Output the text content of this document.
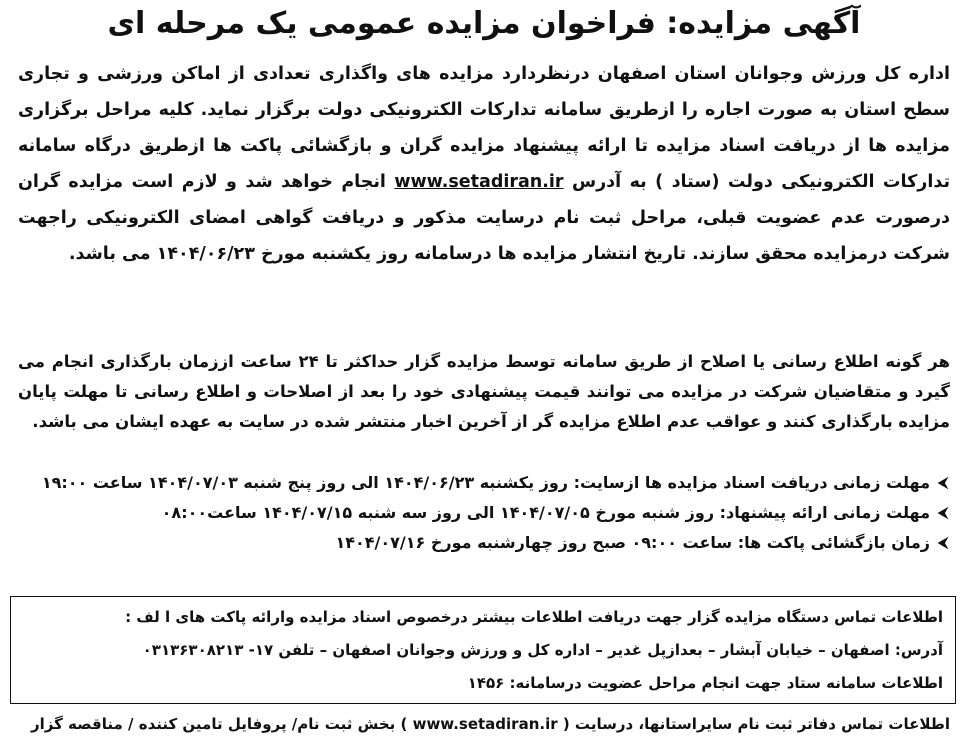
آگهی مزایده: فراخوان مزایده عمومی یک مرحله ای
اداره کل ورزش وجوانان استان اصفهان درنظردارد مزایده های واگذاری تعدادی از اماکن ورزشی و تجاری سطح استان به صورت اجاره را ازطریق سامانه تدارکات الکترونیکی دولت برگزار نماید. کلیه مراحل برگزاری مزایده ها از دریافت اسناد مزایده تا ارائه پیشنهاد مزایده گران و بازگشائی پاکت ها ازطریق درگاه سامانه تدارکات الکترونیکی دولت (ستاد ) به آدرس www.setadiran.ir انجام خواهد شد و لازم است مزایده گران درصورت عدم عضویت قبلی، مراحل ثبت نام درسایت مذکور و دریافت گواهی امضای الکترونیکی راجهت شرکت درمزایده محقق سازند. تاریخ انتشار مزایده ها درسامانه روز یکشنبه مورخ ۱۴۰۴/۰۶/۲۳ می باشد.
هر گونه اطلاع رسانی یا اصلاح از طریق سامانه توسط مزایده گزار حداکثر تا ۲۴ ساعت اززمان بارگذاری انجام می گیرد و متقاضیان شرکت در مزایده می توانند قیمت پیشنهادی خود را بعد از اصلاحات و اطلاع رسانی تا مهلت پایان مزایده بارگذاری کنند و عواقب عدم اطلاع مزایده گر از آخرین اخبار منتشر شده در سایت به عهده ایشان می باشد.
⮜
مهلت زمانی دریافت اسناد مزایده ها ازسایت: روز یکشنبه ۱۴۰۴/۰۶/۲۳ الی روز پنج شنبه ۱۴۰۴/۰۷/۰۳ ساعت ۱۹:۰۰
⮜
مهلت زمانی ارائه پیشنهاد: روز شنبه مورخ ۱۴۰۴/۰۷/۰۵ الی روز سه شنبه ۱۴۰۴/۰۷/۱۵ ساعت۰۸:۰۰
⮜
زمان بازگشائی پاکت ها: ساعت ۰۹:۰۰ صبح روز چهارشنبه مورخ ۱۴۰۴/۰۷/۱۶
اطلاعات تماس دستگاه مزایده گزار جهت دریافت اطلاعات بیشتر درخصوص اسناد مزایده وارائه پاکت های ا لف :
آدرس: اصفهان – خیابان آبشار – بعدازپل غدیر – اداره کل و ورزش وجوانان اصفهان – تلفن ۱۷- ۰۳۱۳۶۳۰۸۲۱۳
اطلاعات سامانه ستاد جهت انجام مراحل عضویت درسامانه: ۱۴۵۶
اطلاعات تماس دفاتر ثبت نام سایراستانها، درسایت ( www.setadiran.ir ) بخش ثبت نام/ پروفایل تامین کننده / مناقصه گزار
